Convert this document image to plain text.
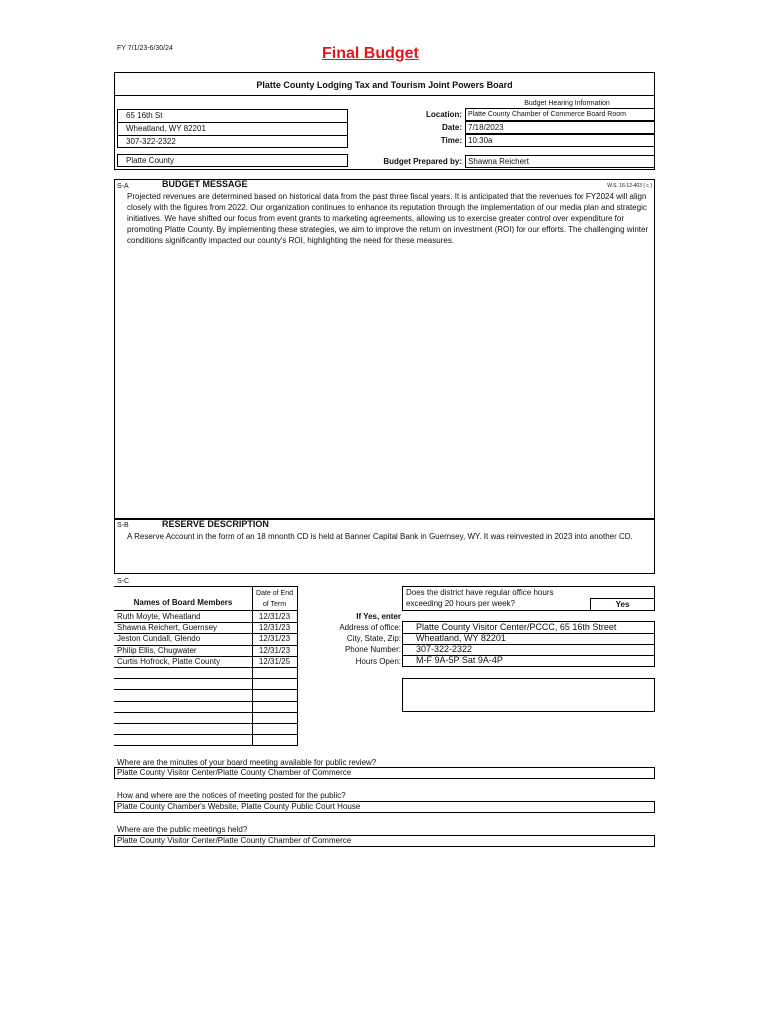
FY 7/1/23-6/30/24	Final Budget
Platte County Lodging Tax and Tourism Joint Powers Board
65 16th St
Wheatland, WY 82201
307-322-2322
Platte County
Budget Hearing Information
Location: Platte County Chamber of Commerce Board Room
Date: 7/18/2023
Time: 10:30a
Budget Prepared by: Shawna Reichert
S-A	BUDGET MESSAGE	W.S. 16-12-403 ( c )
Projected revenues are determined based on historical data from the past three fiscal years. It is anticipated that the revenues for FY2024 will align closely with the figures from 2022. Our organization continues to enhance its reputation through the implementation of our media plan and strategic initiatives. We have shifted our focus from event grants to marketing agreements, allowing us to exercise greater control over expenditure for promoting Platte County. By implementing these strategies, we aim to improve the return on investment (ROI) for our efforts. The challenging winter conditions significantly impacted our county's ROI, highlighting the need for these measures.
S-B	RESERVE DESCRIPTION
A Reserve Account in the form of an 18 mnonth CD is held at Banner Capital Bank in Guernsey, WY. It was reinvested in 2023 into another CD.
S-C
Date of End
of Term
Names of Board Members
Ruth Moyte, Wheatland	12/31/23
Shawna Reichert, Guernsey	12/31/23
Jeston Cundall, Glendo	12/31/23
Philip Ellis, Chugwater	12/31/23
Curtis Hofrock, Platte County	12/31/25
Does the district have regular office hours
exceeding 20 hours per week?	Yes
If Yes, enter
Address of office: Platte County Visitor Center/PCCC, 65 16th Street
City, State, Zip: Wheatland, WY 82201
Phone Number: 307-322-2322
Hours Open: M-F 9A-5P Sat 9A-4P
Where are the minutes of your board meeting available for public review?
Platte County Visitor Center/Platte County Chamber of Commerce
How and where are the notices of meeting posted for the public?
Platte County Chamber's Website, Platte County Public Court House
Where are the public meetings held?
Platte County Visitor Center/Platte County Chamber of Commerce
